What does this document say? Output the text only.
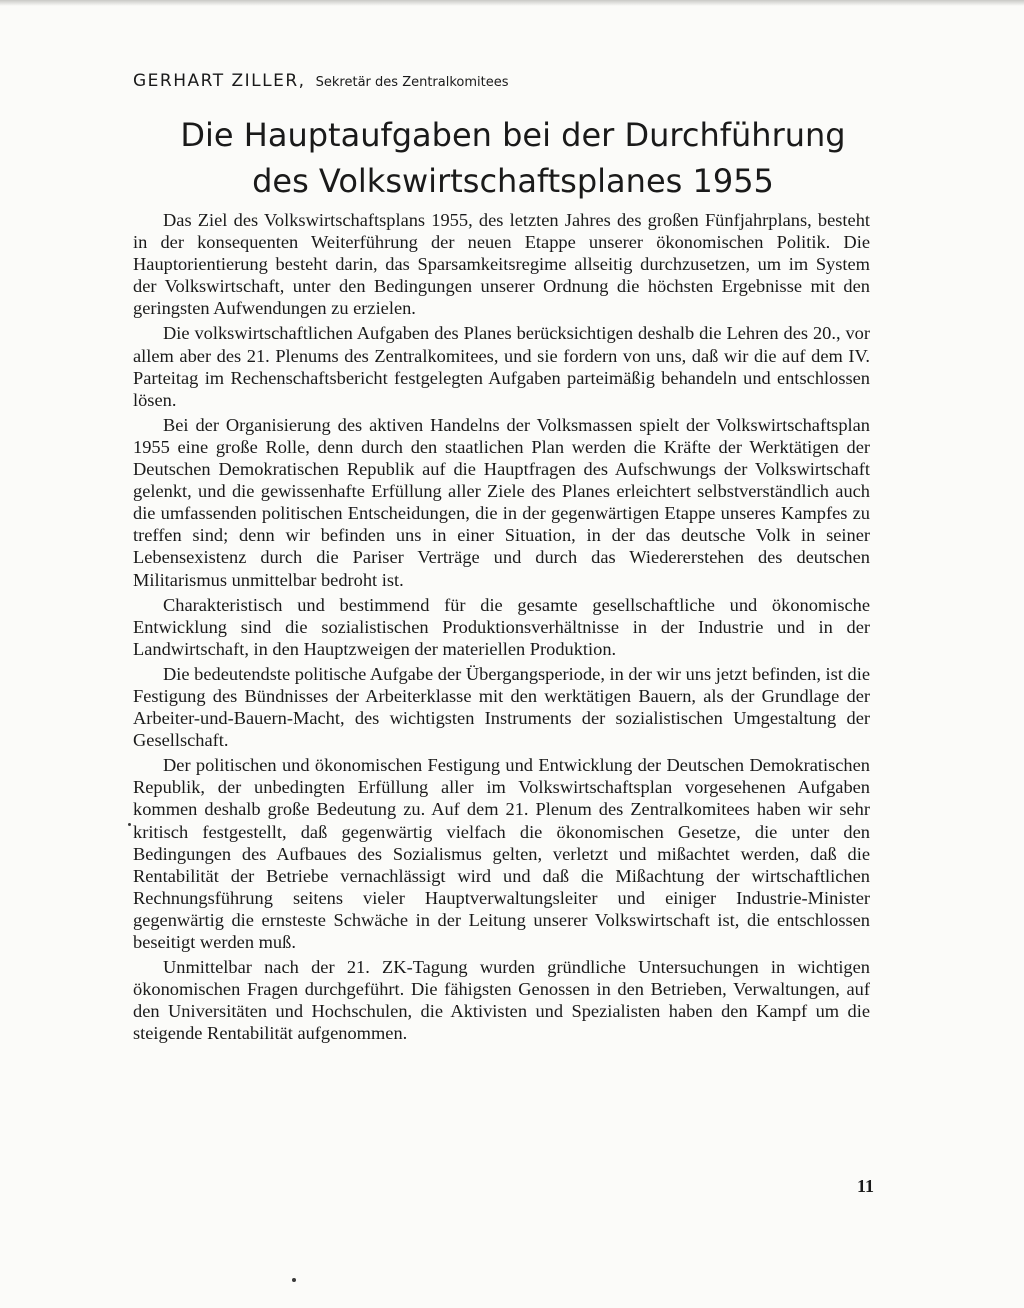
GERHART ZILLER, Sekretär des Zentralkomitees

Die Hauptaufgaben bei der Durchführung
des Volkswirtschaftsplanes 1955

Das Ziel des Volkswirtschaftsplans 1955, des letzten Jahres des großen Fünfjahrplans, besteht in der konsequenten Weiterführung der neuen Etappe unserer ökonomischen Politik. Die Hauptorientierung besteht darin, das Sparsamkeitsregime allseitig durchzusetzen, um im System der Volkswirtschaft, unter den Bedingungen unserer Ordnung die höchsten Ergebnisse mit den geringsten Aufwendungen zu erzielen.

Die volkswirtschaftlichen Aufgaben des Planes berücksichtigen deshalb die Lehren des 20., vor allem aber des 21. Plenums des Zentralkomitees, und sie fordern von uns, daß wir die auf dem IV. Parteitag im Rechenschaftsbericht festgelegten Aufgaben parteimäßig behandeln und entschlossen lösen.

Bei der Organisierung des aktiven Handelns der Volksmassen spielt der Volkswirtschaftsplan 1955 eine große Rolle, denn durch den staatlichen Plan werden die Kräfte der Werktätigen der Deutschen Demokratischen Republik auf die Hauptfragen des Aufschwungs der Volkswirtschaft gelenkt, und die gewissenhafte Erfüllung aller Ziele des Planes erleichtert selbstverständlich auch die umfassenden politischen Entscheidungen, die in der gegenwärtigen Etappe unseres Kampfes zu treffen sind; denn wir befinden uns in einer Situation, in der das deutsche Volk in seiner Lebensexistenz durch die Pariser Verträge und durch das Wiedererstehen des deutschen Militarismus unmittelbar bedroht ist.

Charakteristisch und bestimmend für die gesamte gesellschaftliche und ökonomische Entwicklung sind die sozialistischen Produktionsverhältnisse in der Industrie und in der Landwirtschaft, in den Hauptzweigen der materiellen Produktion.

Die bedeutendste politische Aufgabe der Übergangsperiode, in der wir uns jetzt befinden, ist die Festigung des Bündnisses der Arbeiterklasse mit den werktätigen Bauern, als der Grundlage der Arbeiter-und-Bauern-Macht, des wichtigsten Instruments der sozialistischen Umgestaltung der Gesellschaft.

Der politischen und ökonomischen Festigung und Entwicklung der Deutschen Demokratischen Republik, der unbedingten Erfüllung aller im Volkswirtschaftsplan vorgesehenen Aufgaben kommen deshalb große Bedeutung zu. Auf dem 21. Plenum des Zentralkomitees haben wir sehr kritisch festgestellt, daß gegenwärtig vielfach die ökonomischen Gesetze, die unter den Bedingungen des Aufbaues des Sozialismus gelten, verletzt und mißachtet werden, daß die Rentabilität der Betriebe vernachlässigt wird und daß die Mißachtung der wirtschaftlichen Rechnungsführung seitens vieler Hauptverwaltungsleiter und einiger Industrie-Minister gegenwärtig die ernsteste Schwäche in der Leitung unserer Volkswirtschaft ist, die entschlossen beseitigt werden muß.

Unmittelbar nach der 21. ZK-Tagung wurden gründliche Untersuchungen in wichtigen ökonomischen Fragen durchgeführt. Die fähigsten Genossen in den Betrieben, Verwaltungen, auf den Universitäten und Hochschulen, die Aktivisten und Spezialisten haben den Kampf um die steigende Rentabilität aufgenommen.

11
